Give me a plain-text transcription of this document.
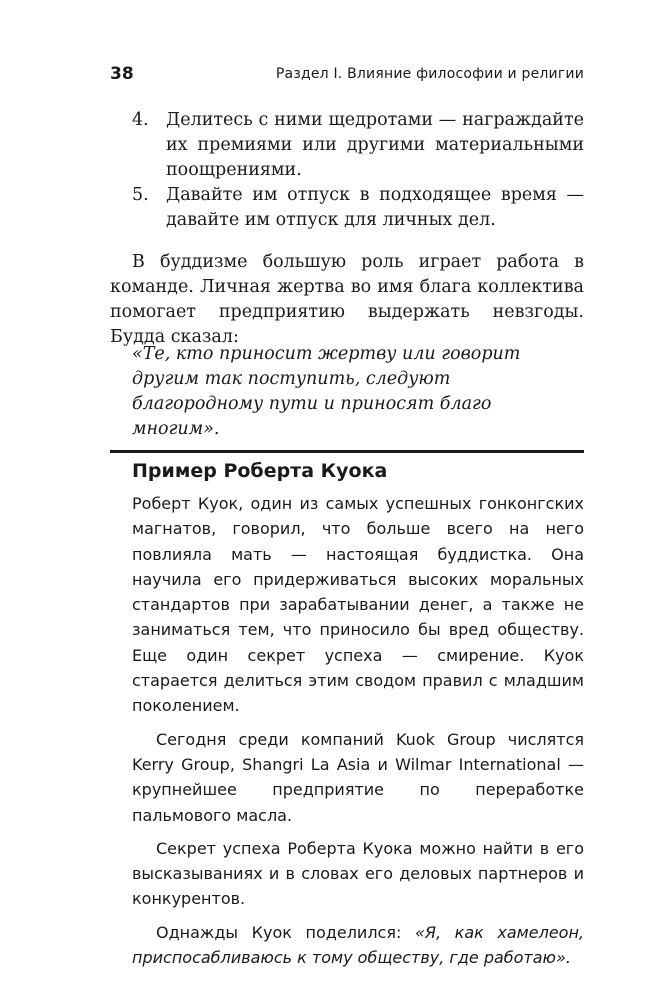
38	Раздел I. Влияние философии и религии
4. Делитесь с ними щедротами — награждайте их премиями или другими материальными поощрениями.
5. Давайте им отпуск в подходящее время — давайте им отпуск для личных дел.

В буддизме большую роль играет работа в команде. Личная жертва во имя блага коллектива помогает предприятию выдержать невзгоды. Будда сказал:

«Те, кто приносит жертву или говорит другим так поступить, следуют благородному пути и приносят благо многим».

Пример Роберта Куока

Роберт Куок, один из самых успешных гонконгских магнатов, говорил, что больше всего на него повлияла мать — настоящая буддистка. Она научила его придерживаться высоких моральных стандартов при зарабатывании денег, а также не заниматься тем, что приносило бы вред обществу. Еще один секрет успеха — смирение. Куок старается делиться этим сводом правил с младшим поколением.

Сегодня среди компаний Kuok Group числятся Kerry Group, Shangri La Asia и Wilmar International — крупнейшее предприятие по переработке пальмового масла.

Секрет успеха Роберта Куока можно найти в его высказываниях и в словах его деловых партнеров и конкурентов.

Однажды Куок поделился: «Я, как хамелеон, приспосабливаюсь к тому обществу, где работаю».
